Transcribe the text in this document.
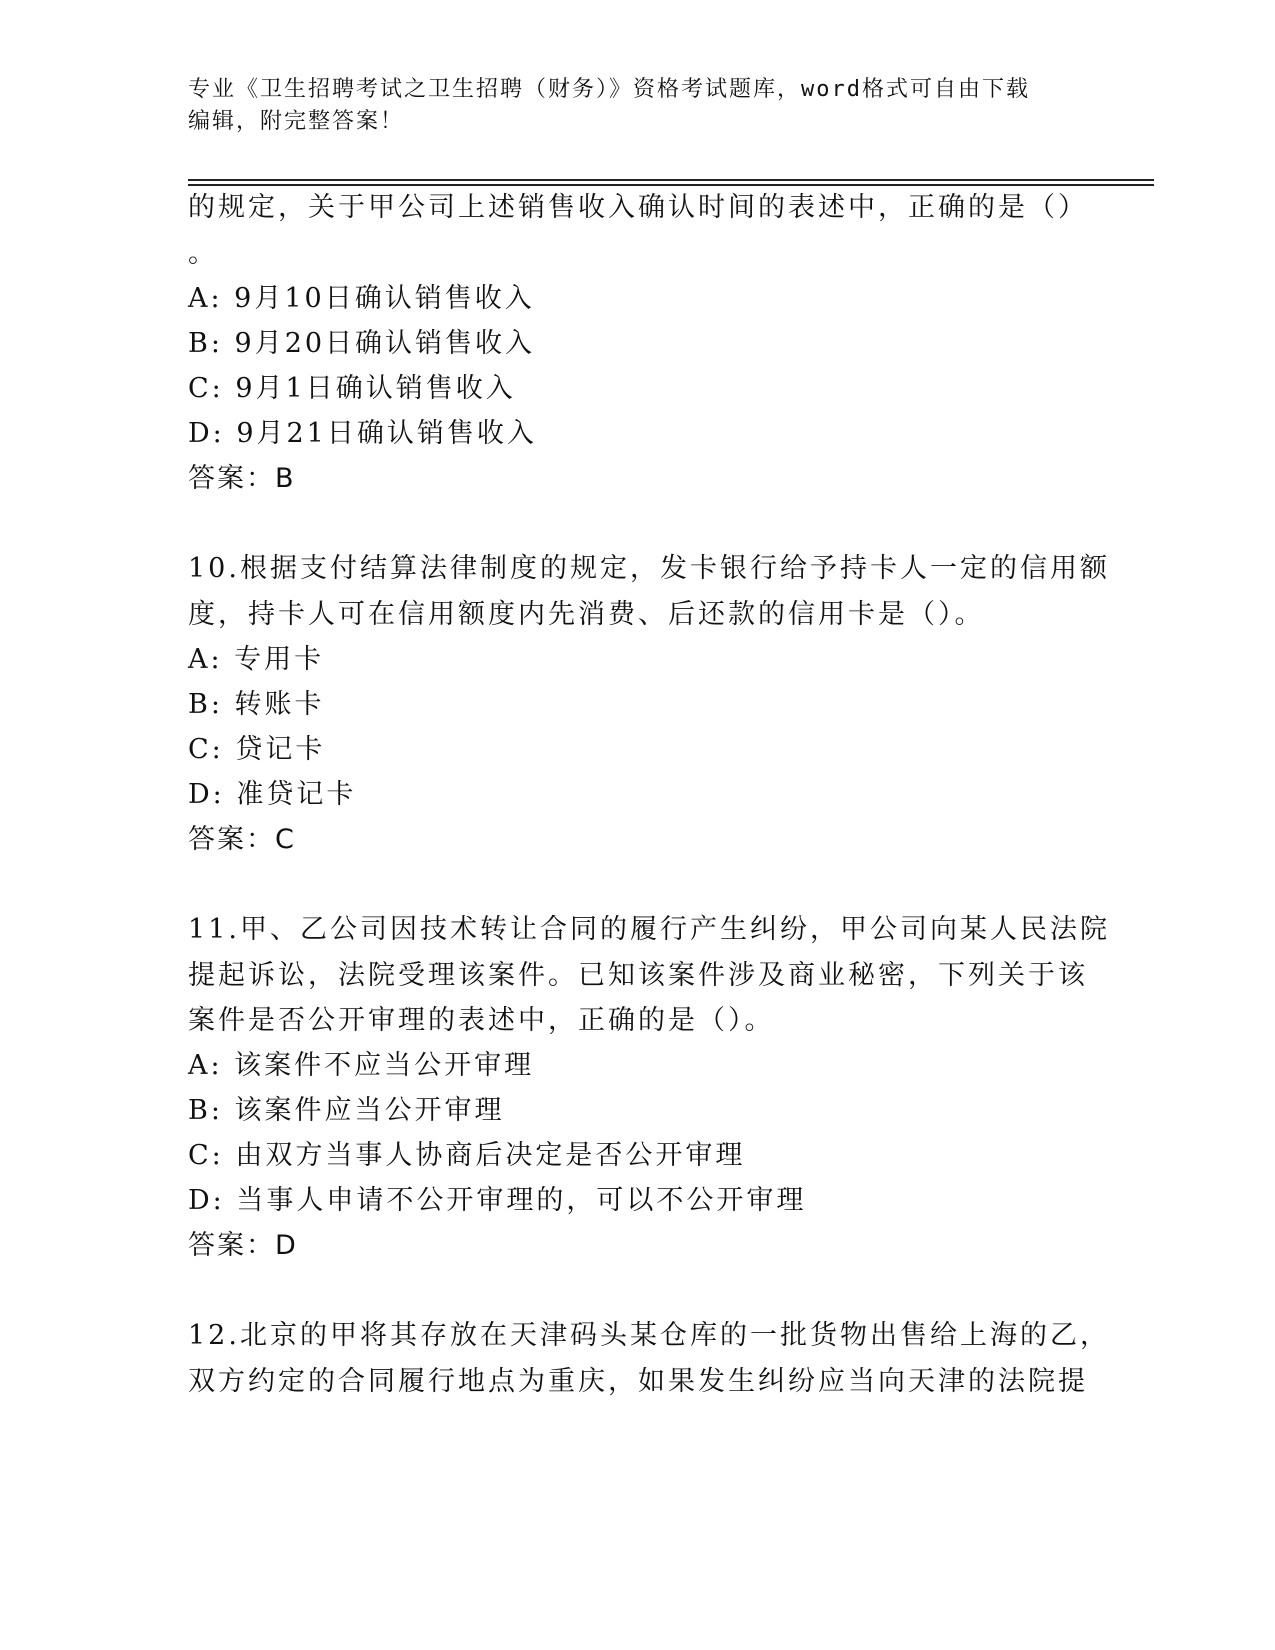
专业《卫生招聘考试之卫生招聘（财务）》资格考试题库，word格式可自由下载
编辑，附完整答案！
的规定，关于甲公司上述销售收入确认时间的表述中，正确的是（）
。
A: 9月10日确认销售收入
B: 9月20日确认销售收入
C: 9月1日确认销售收入
D: 9月21日确认销售收入
答案：B
10.根据支付结算法律制度的规定，发卡银行给予持卡人一定的信用额
度，持卡人可在信用额度内先消费、后还款的信用卡是（）。
A: 专用卡
B: 转账卡
C: 贷记卡
D: 准贷记卡
答案：C
11.甲、乙公司因技术转让合同的履行产生纠纷，甲公司向某人民法院
提起诉讼，法院受理该案件。已知该案件涉及商业秘密，下列关于该
案件是否公开审理的表述中，正确的是（）。
A: 该案件不应当公开审理
B: 该案件应当公开审理
C: 由双方当事人协商后决定是否公开审理
D: 当事人申请不公开审理的，可以不公开审理
答案：D
12.北京的甲将其存放在天津码头某仓库的一批货物出售给上海的乙，
双方约定的合同履行地点为重庆，如果发生纠纷应当向天津的法院提
